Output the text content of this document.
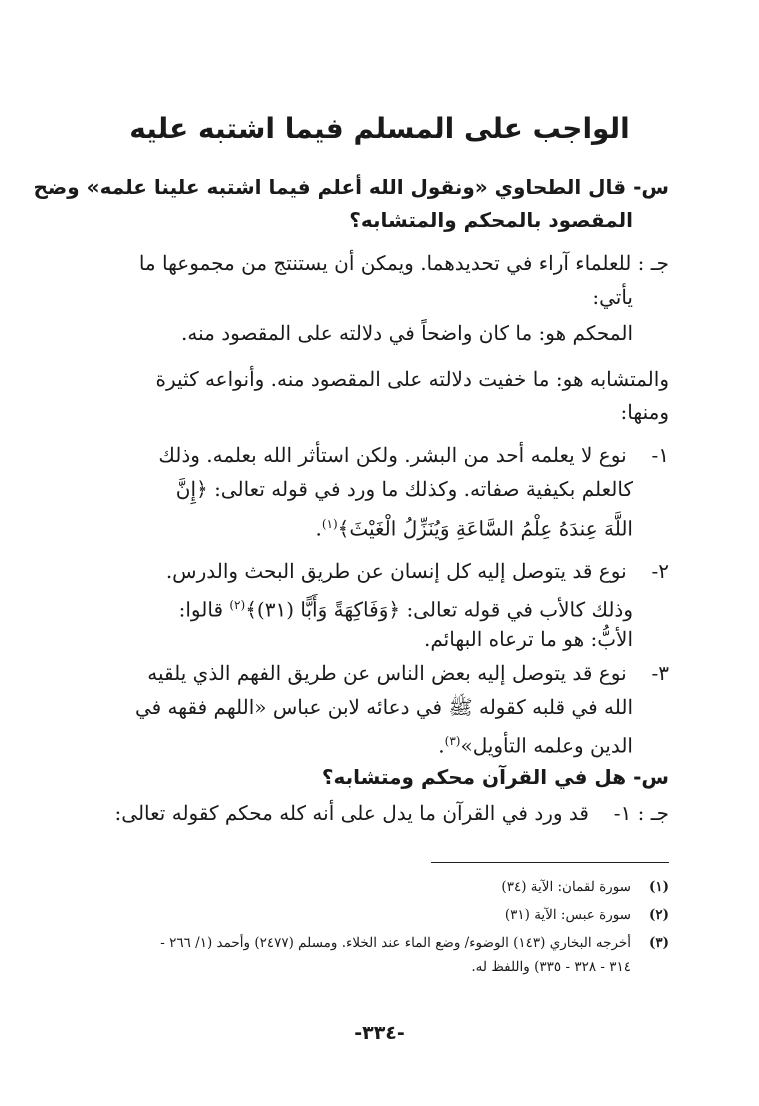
الواجب على المسلم فيما اشتبه عليه
س- قال الطحاوي «ونقول الله أعلم فيما اشتبه علينا علمه» وضح
المقصود بالمحكم والمتشابه؟
جـ : للعلماء آراء في تحديدهما. ويمكن أن يستنتج من مجموعها ما
يأتي:
المحكم هو: ما كان واضحاً في دلالته على المقصود منه.
والمتشابه هو: ما خفيت دلالته على المقصود منه. وأنواعه كثيرة
ومنها:
١- نوع لا يعلمه أحد من البشر. ولكن استأثر الله بعلمه. وذلك
كالعلم بكيفية صفاته. وكذلك ما ورد في قوله تعالى: ﴿إِنَّ
اللَّهَ عِندَهُ عِلْمُ السَّاعَةِ وَيُنَزِّلُ الْغَيْثَ﴾$^{(١)}$.
٢- نوع قد يتوصل إليه كل إنسان عن طريق البحث والدرس.
وذلك كالأب في قوله تعالى: ﴿وَفَاكِهَةً وَأَبًّا (٣١)﴾$^{(٢)}$ قالوا:
الأبُّ: هو ما ترعاه البهائم.
٣- نوع قد يتوصل إليه بعض الناس عن طريق الفهم الذي يلقيه
الله في قلبه كقوله ﷺ في دعائه لابن عباس «اللهم فقهه في
الدين وعلمه التأويل»$^{(٣)}$.
س- هل في القرآن محكم ومتشابه؟
جـ : ١- قد ورد في القرآن ما يدل على أنه كله محكم كقوله تعالى:
(١)سورة لقمان: الآية (٣٤)
(٢)سورة عبس: الآية (٣١)
(٣)أخرجه البخاري (١٤٣) الوضوء/ وضع الماء عند الخلاء. ومسلم (٢٤٧٧) وأحمد (١/ ٢٦٦ -
٣١٤ - ٣٢٨ - ٣٣٥) واللفظ له.
-٣٣٤-
